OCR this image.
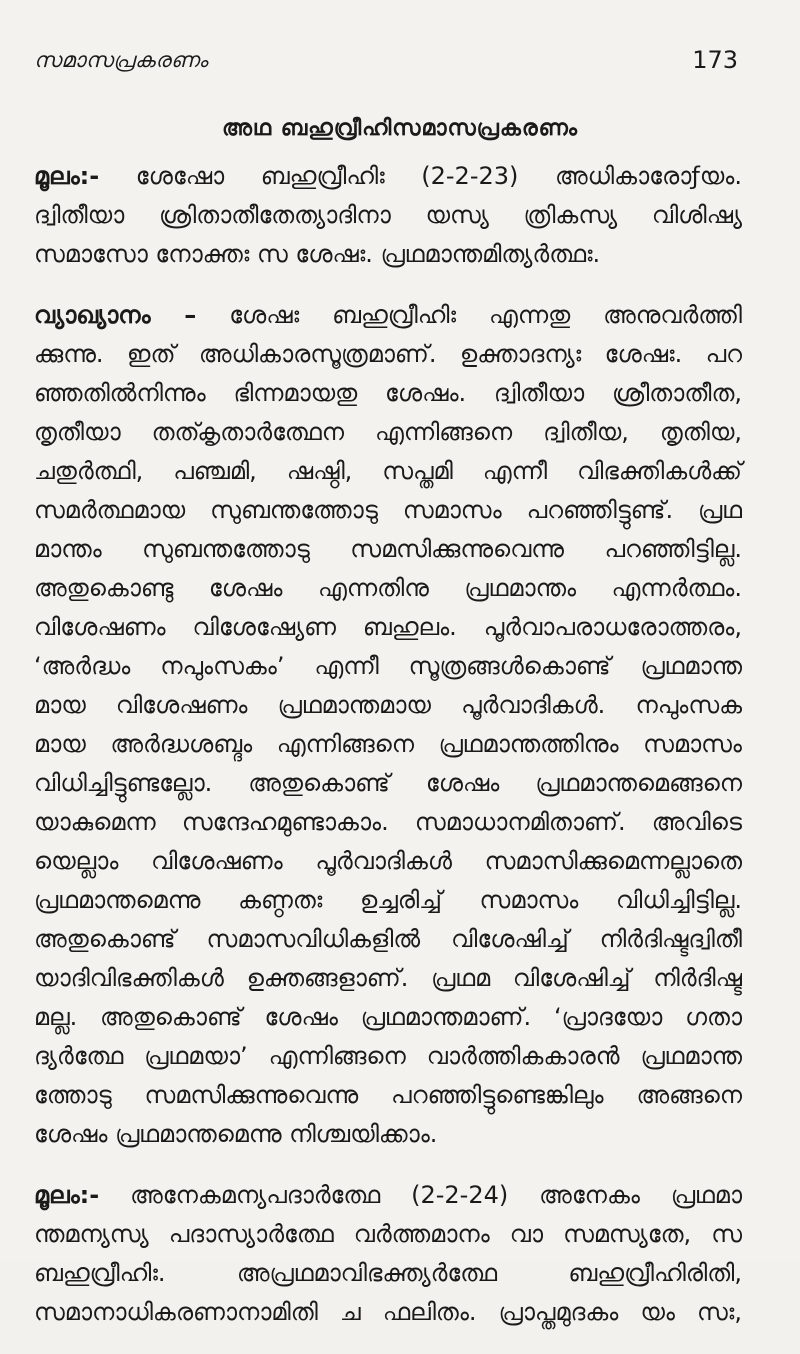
സമാസപ്രകരണം	173
അഥ ബഹുവ്രീഹിസമാസപ്രകരണം
മൂലം:- ശേഷോ ബഹുവ്രീഹിഃ (2-2-23) അധികാരോƒയം.
ദ്വിതീയാ ശ്രിതാതീതേത്യാദിനാ യസ്യ ത്രികസ്യ വിശിഷ്യ
സമാസോ നോക്തഃ സ ശേഷഃ. പ്രഥമാന്തമിത്യർത്ഥഃ.
വ്യാഖ്യാനം – ശേഷഃ ബഹുവ്രീഹിഃ എന്നതു അനുവർത്തി
ക്കുന്നു. ഇത് അധികാരസൂത്രമാണ്. ഉക്താദന്യഃ ശേഷഃ. പറ
ഞ്ഞതിൽനിന്നും ഭിന്നമായതു ശേഷം. ദ്വിതീയാ ശ്രീതാതീത,
തൃതീയാ തത്കൃതാർത്ഥേന എന്നിങ്ങനെ ദ്വിതീയ, തൃതിയ,
ചതുർത്ഥി, പഞ്ചമി, ഷഷ്ഠി, സപ്തമി എന്നീ വിഭക്തികൾക്ക്
സമർത്ഥമായ സുബന്തത്തോടു സമാസം പറഞ്ഞിട്ടുണ്ട്. പ്രഥ
മാന്തം സുബന്തത്തോടു സമസിക്കുന്നുവെന്നു പറഞ്ഞിട്ടില്ല.
അതുകൊണ്ടു ശേഷം എന്നതിനു പ്രഥമാന്തം എന്നർത്ഥം.
വിശേഷണം വിശേഷ്യേണ ബഹുലം. പൂർവാപരാധരോത്തരം,
‘അർദ്ധം നപുംസകം’ എന്നീ സൂത്രങ്ങൾകൊണ്ട് പ്രഥമാന്ത
മായ വിശേഷണം പ്രഥമാന്തമായ പൂർവാദികൾ. നപുംസക
മായ അർദ്ധശബ്ദം എന്നിങ്ങനെ പ്രഥമാന്തത്തിനും സമാസം
വിധിച്ചിട്ടുണ്ടല്ലോ. അതുകൊണ്ട് ശേഷം പ്രഥമാന്തമെങ്ങനെ
യാകുമെന്ന സന്ദേഹമുണ്ടാകാം. സമാധാനമിതാണ്. അവിടെ
യെല്ലാം വിശേഷണം പൂർവാദികൾ സമാസിക്കുമെന്നല്ലാതെ
പ്രഥമാന്തമെന്നു കണ്ഠതഃ ഉച്ചരിച്ച് സമാസം വിധിച്ചിട്ടില്ല.
അതുകൊണ്ട് സമാസവിധികളിൽ വിശേഷിച്ച് നിർദിഷ്ടദ്വിതീ
യാദിവിഭക്തികൾ ഉക്തങ്ങളാണ്. പ്രഥമ വിശേഷിച്ച് നിർദിഷ്ട
മല്ല. അതുകൊണ്ട് ശേഷം പ്രഥമാന്തമാണ്. ‘പ്രാദയോ ഗതാ
ദ്യർത്ഥേ പ്രഥമയാ’ എന്നിങ്ങനെ വാർത്തികകാരൻ പ്രഥമാന്ത
ത്തോടു സമസിക്കുന്നുവെന്നു പറഞ്ഞിട്ടുണ്ടെങ്കിലും അങ്ങനെ
ശേഷം പ്രഥമാന്തമെന്നു നിശ്ചയിക്കാം.
മൂലം:- അനേകമന്യപദാർത്ഥേ (2-2-24) അനേകം പ്രഥമാ
ന്തമന്യസ്യ പദാസ്യാർത്ഥേ വർത്തമാനം വാ സമസ്യതേ, സ
ബഹുവ്രീഹിഃ. അപ്രഥമാവിഭക്ത്യർത്ഥേ ബഹുവ്രീഹിരിതി,
സമാനാധികരണാനാമിതി ച ഫലിതം. പ്രാപ്തമുദകം യം സഃ,
